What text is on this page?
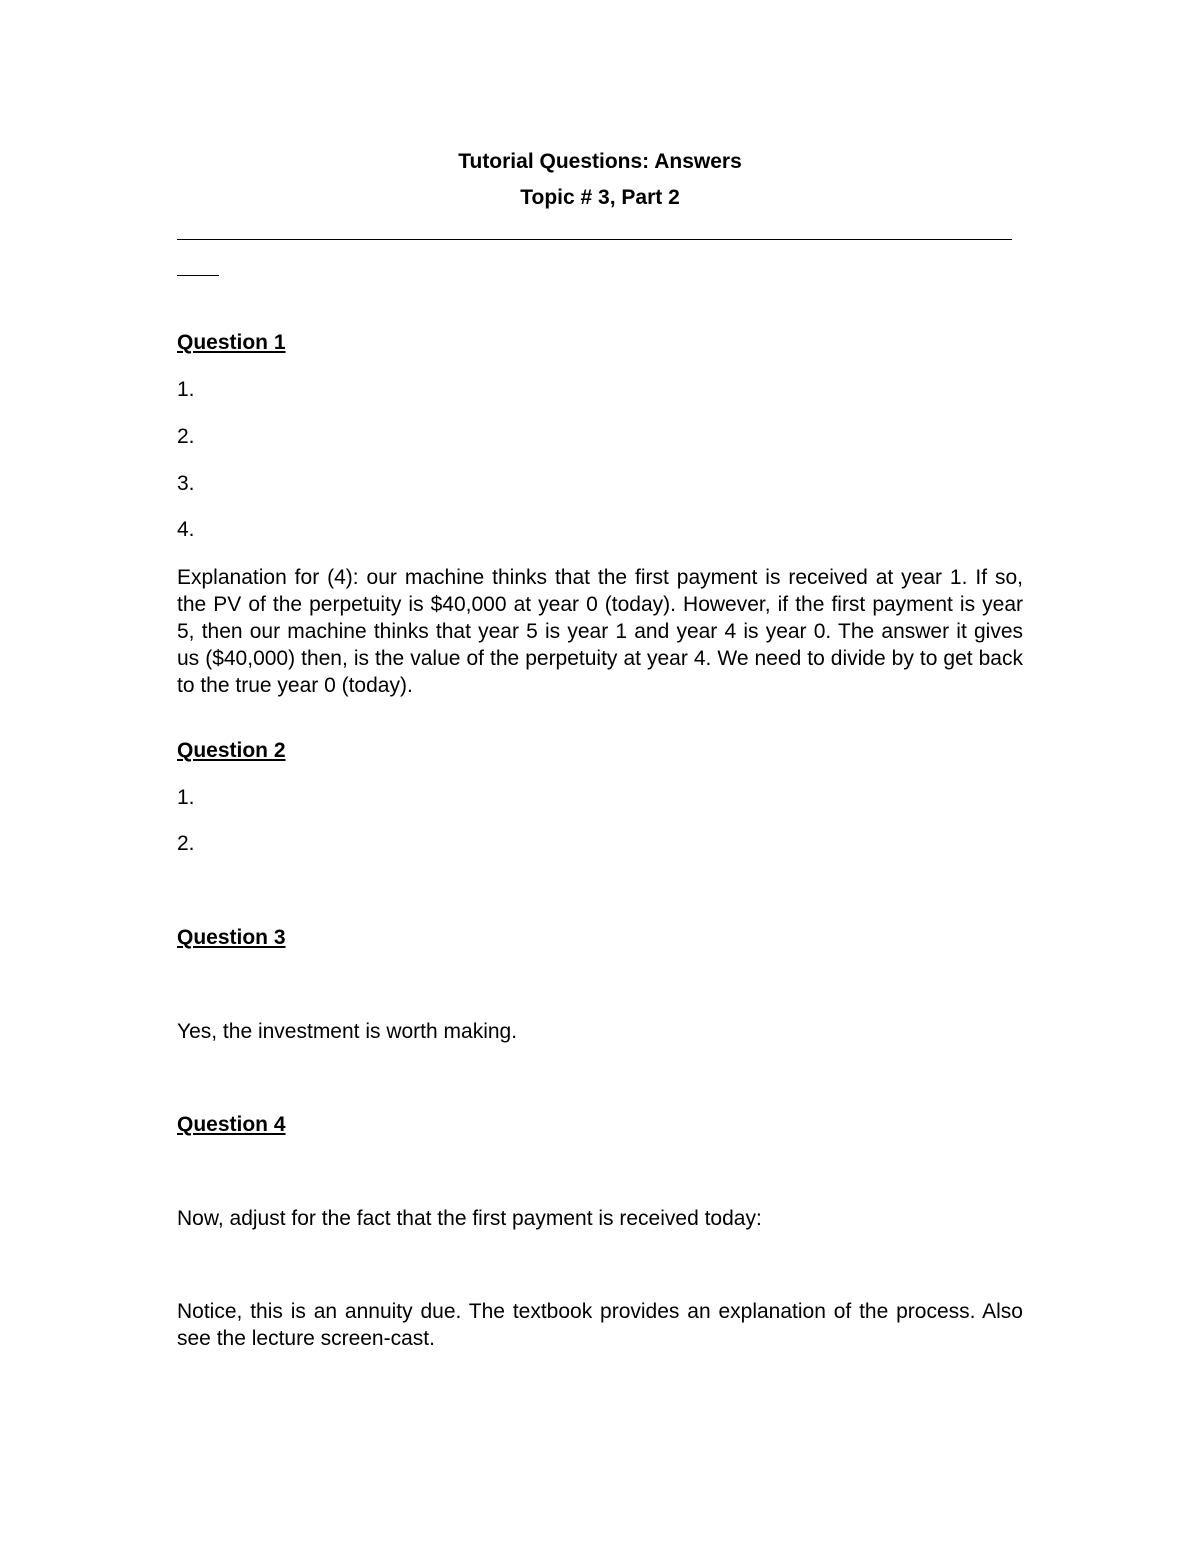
Tutorial Questions: Answers
Topic # 3, Part 2
Question 1
1.
2.
3.
4.
Explanation for (4): our machine thinks that the first payment is received at year 1. If so, the PV of the perpetuity is $40,000 at year 0 (today). However, if the first payment is year 5, then our machine thinks that year 5 is year 1 and year 4 is year 0. The answer it gives us ($40,000) then, is the value of the perpetuity at year 4. We need to divide by to get back to the true year 0 (today).
Question 2
1.
2.
Question 3
Yes, the investment is worth making.
Question 4
Now, adjust for the fact that the first payment is received today:
Notice, this is an annuity due. The textbook provides an explanation of the process. Also see the lecture screen-cast.
